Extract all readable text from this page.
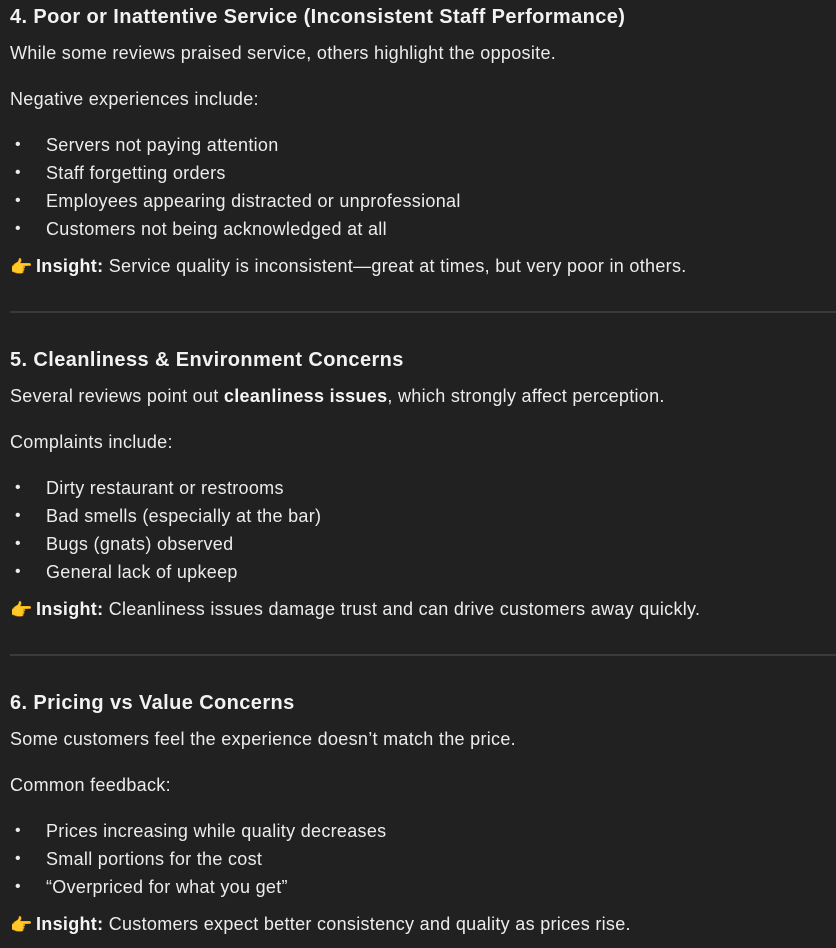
4. Poor or Inattentive Service (Inconsistent Staff Performance)

While some reviews praised service, others highlight the opposite.

Negative experiences include:

• Servers not paying attention
• Staff forgetting orders
• Employees appearing distracted or unprofessional
• Customers not being acknowledged at all

👉 Insight: Service quality is inconsistent—great at times, but very poor in others.

5. Cleanliness & Environment Concerns

Several reviews point out cleanliness issues, which strongly affect perception.

Complaints include:

• Dirty restaurant or restrooms
• Bad smells (especially at the bar)
• Bugs (gnats) observed
• General lack of upkeep

👉 Insight: Cleanliness issues damage trust and can drive customers away quickly.

6. Pricing vs Value Concerns

Some customers feel the experience doesn’t match the price.

Common feedback:

• Prices increasing while quality decreases
• Small portions for the cost
• “Overpriced for what you get”

👉 Insight: Customers expect better consistency and quality as prices rise.
